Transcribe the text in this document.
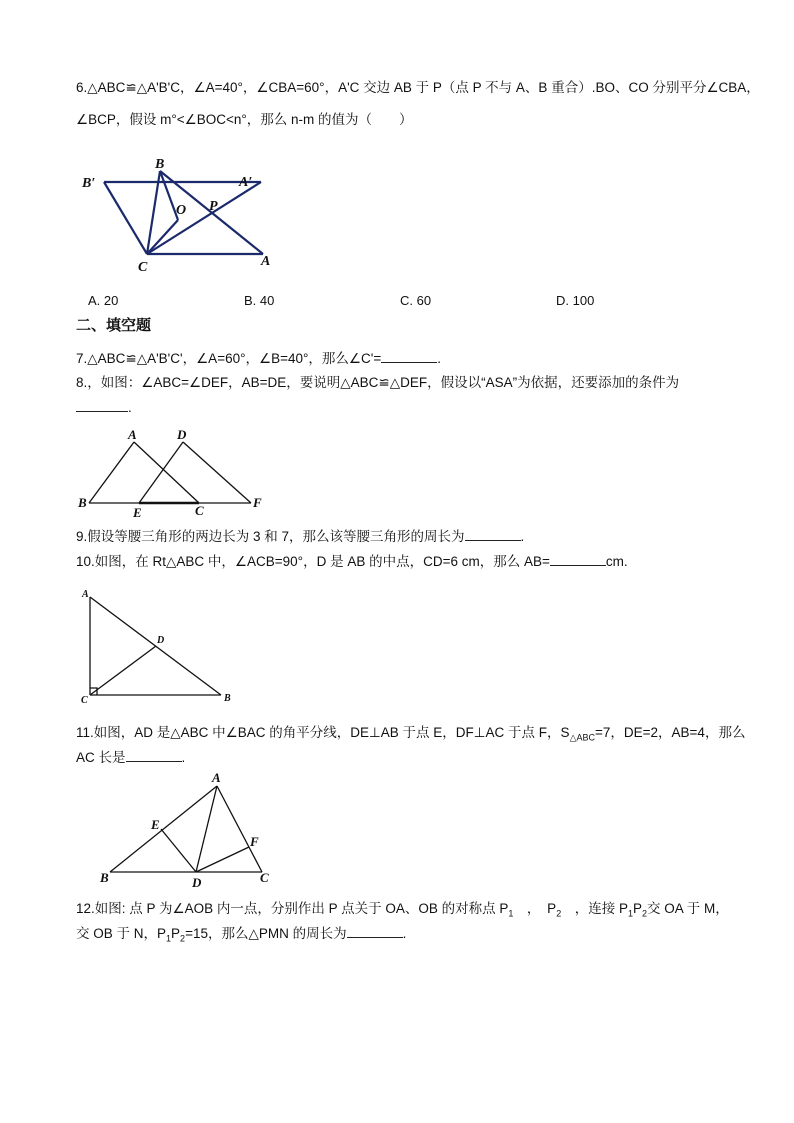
6.△ABC≌△A'B'C，∠A=40°，∠CBA=60°，A'C 交边 AB 于 P（点 P 不与 A、B 重合）.BO、CO 分别平分∠CBA，
∠BCP，假设 m°<∠BOC<n°，那么 n-m 的值为（　　）
B
B′	A′
O P
C	A
A. 20	B. 40	C. 60	D. 100
二、填空题
7.△ABC≌△A'B'C'，∠A=60°，∠B=40°，那么∠C'=	.
8.，如图：∠ABC=∠DEF，AB=DE，要说明△ABC≌△DEF，假设以“ASA”为依据，还要添加的条件为
.
A	D
B
E	C
F
9.假设等腰三角形的两边长为 3 和 7，那么该等腰三角形的周长为	.
10.如图，在 Rt△ABC 中，∠ACB=90°，D 是 AB 的中点，CD=6 cm，那么 AB=	cm.
A
D
C	B
11.如图，AD 是△ABC 中∠BAC 的角平分线，DE⊥AB 于点 E，DF⊥AC 于点 F，$S_{\triangle ABC}=7$，DE=2，AB=4，那么
AC 长是	.
A
E
F
B	D	C
12.如图: 点 P 为∠AOB 内一点，分别作出 P 点关于 OA、OB 的对称点 $P_1$　，　$P_2$　，连接 $P_1P_2$交 OA 于 M，
交 OB 于 N，$P_1P_2=15$，那么△PMN 的周长为	.
